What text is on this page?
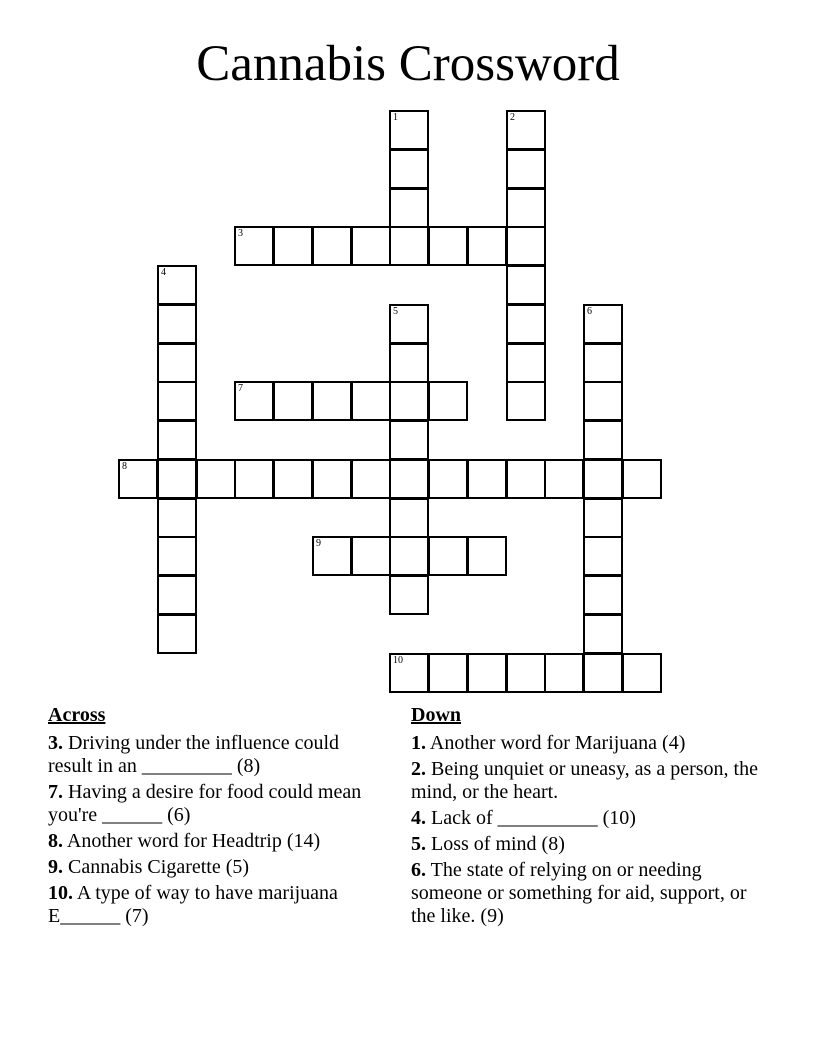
Cannabis Crossword
1	2
3
4
5	6
7
8
9
10
Across
3. Driving under the influence could result in an _________ (8)
7. Having a desire for food could mean you're ______ (6)
8. Another word for Headtrip (14)
9. Cannabis Cigarette (5)
10. A type of way to have marijuana E______ (7)
Down
1. Another word for Marijuana (4)
2. Being unquiet or uneasy, as a person, the mind, or the heart.
4. Lack of __________ (10)
5. Loss of mind (8)
6. The state of relying on or needing someone or something for aid, support, or the like. (9)
